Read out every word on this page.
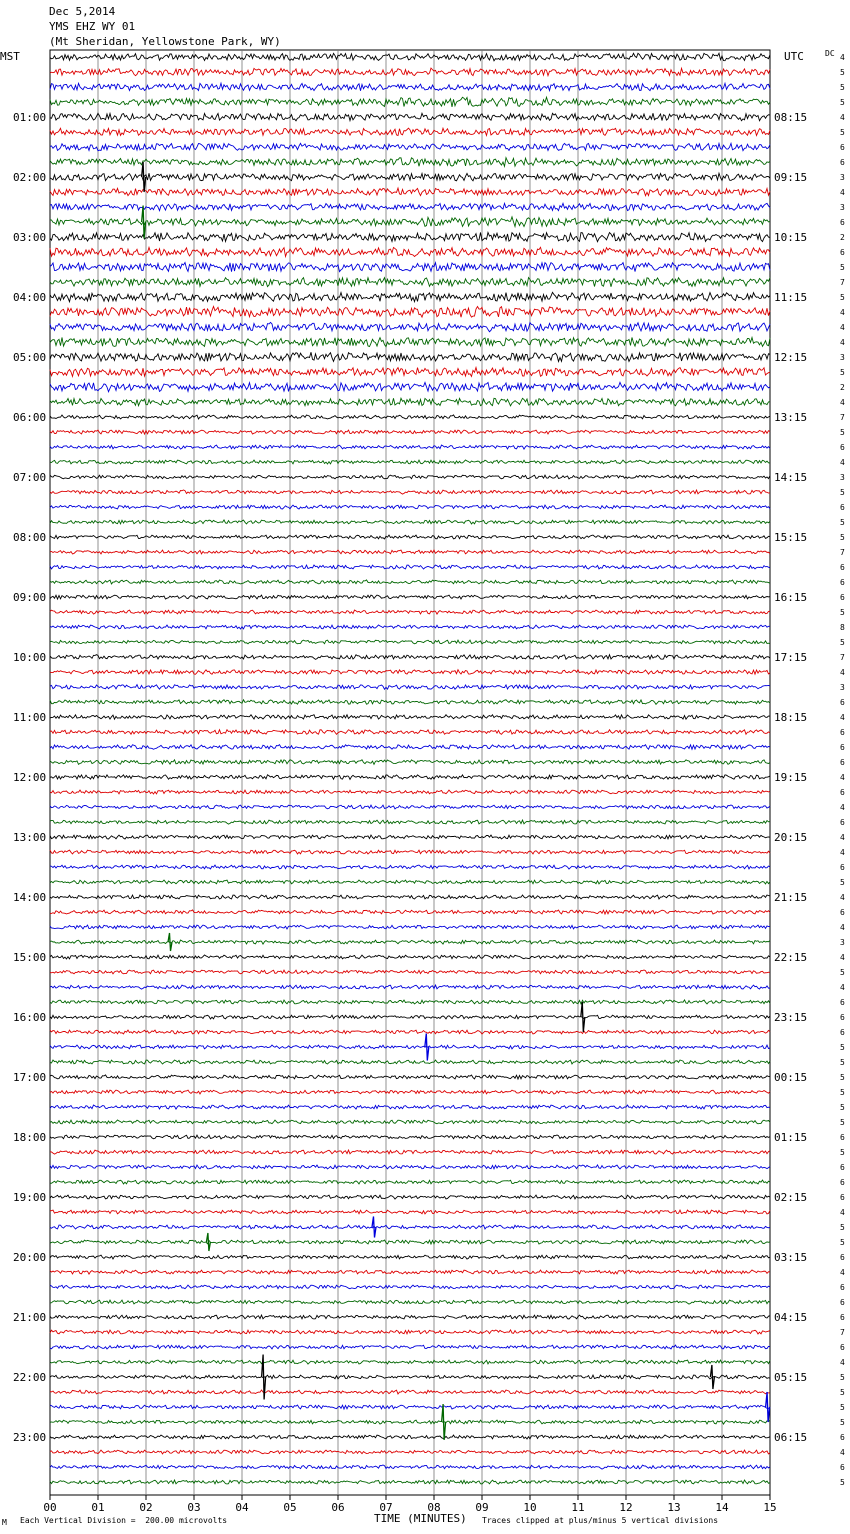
Dec 5,2014
YMS EHZ WY 01
(Mt Sheridan, Yellowstone Park, WY)
MST	UTC	DC
00	01	02	03	04	05	06	07	08	09	10	11	12	13	14	15
4
5
5
5
4
01:00	08:15
5
6
6
3
02:00	09:15
4
3
6
2
03:00	10:15
6
5
7
5
04:00	11:15
4
4
4
3
05:00	12:15
5
2
4
7
06:00	13:15
5
6
4
3
07:00	14:15
5
6
5
5
08:00	15:15
7
6
6
6
09:00	16:15
5
8
5
7
10:00	17:15
4
3
6
4
11:00	18:15
6
6
6
4
12:00	19:15
6
4
6
4
13:00	20:15
4
6
5
4
14:00	21:15
6
4
3
4
15:00	22:15
5
4
6
6
16:00	23:15
6
5
5
5
17:00	00:15
5
5
5
6
18:00	01:15
5
6
6
6
19:00	02:15
4
5
5
6
20:00	03:15
4
6
6
6
21:00	04:15
7
6
4
5
22:00	05:15
5
5
5
6
23:00	06:15
4
6
5
M Each Vertical Division =  200.00 microvolts	TIME (MINUTES) Traces clipped at plus/minus 5 vertical divisions
